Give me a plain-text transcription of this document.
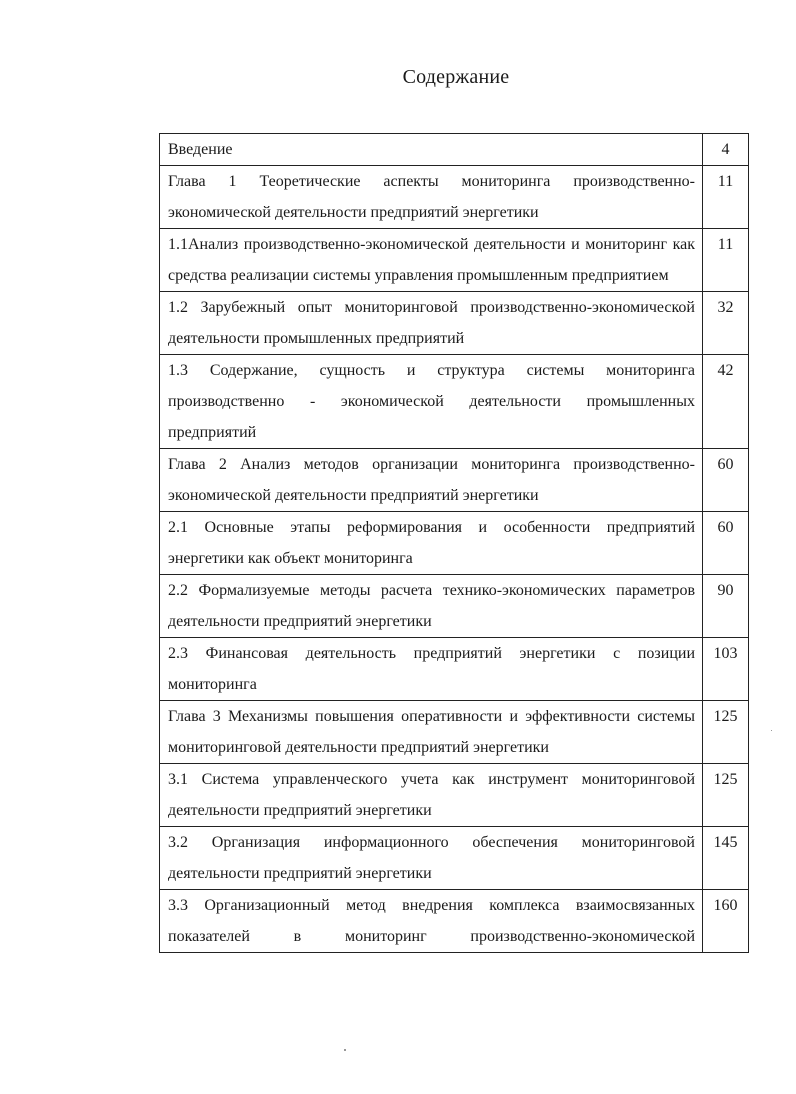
Содержание
Введение	4
Глава 1 Теоретические аспекты мониторинга производственно-экономической деятельности предприятий энергетики	11
1.1Анализ производственно-экономической деятельности и мониторинг как средства реализации системы управления промышленным предприятием	11
1.2 Зарубежный опыт мониторинговой производственно-экономической деятельности промышленных предприятий	32
1.3 Содержание, сущность и структура системы мониторинга производственно - экономической деятельности промышленных предприятий	42
Глава 2 Анализ методов организации мониторинга производственно-экономической деятельности предприятий энергетики	60
2.1 Основные этапы реформирования и особенности предприятий энергетики как объект мониторинга	60
2.2 Формализуемые методы расчета технико-экономических параметров деятельности предприятий энергетики	90
2.3 Финансовая деятельность предприятий энергетики с позиции мониторинга	103
Глава 3 Механизмы повышения оперативности и эффективности системы мониторинговой деятельности предприятий энергетики	125
3.1 Система управленческого учета как инструмент мониторинговой деятельности предприятий энергетики	125
3.2 Организация информационного обеспечения мониторинговой деятельности предприятий энергетики	145
3.3 Организационный метод внедрения комплекса взаимосвязанных показателей в мониторинг производственно-экономической	160
